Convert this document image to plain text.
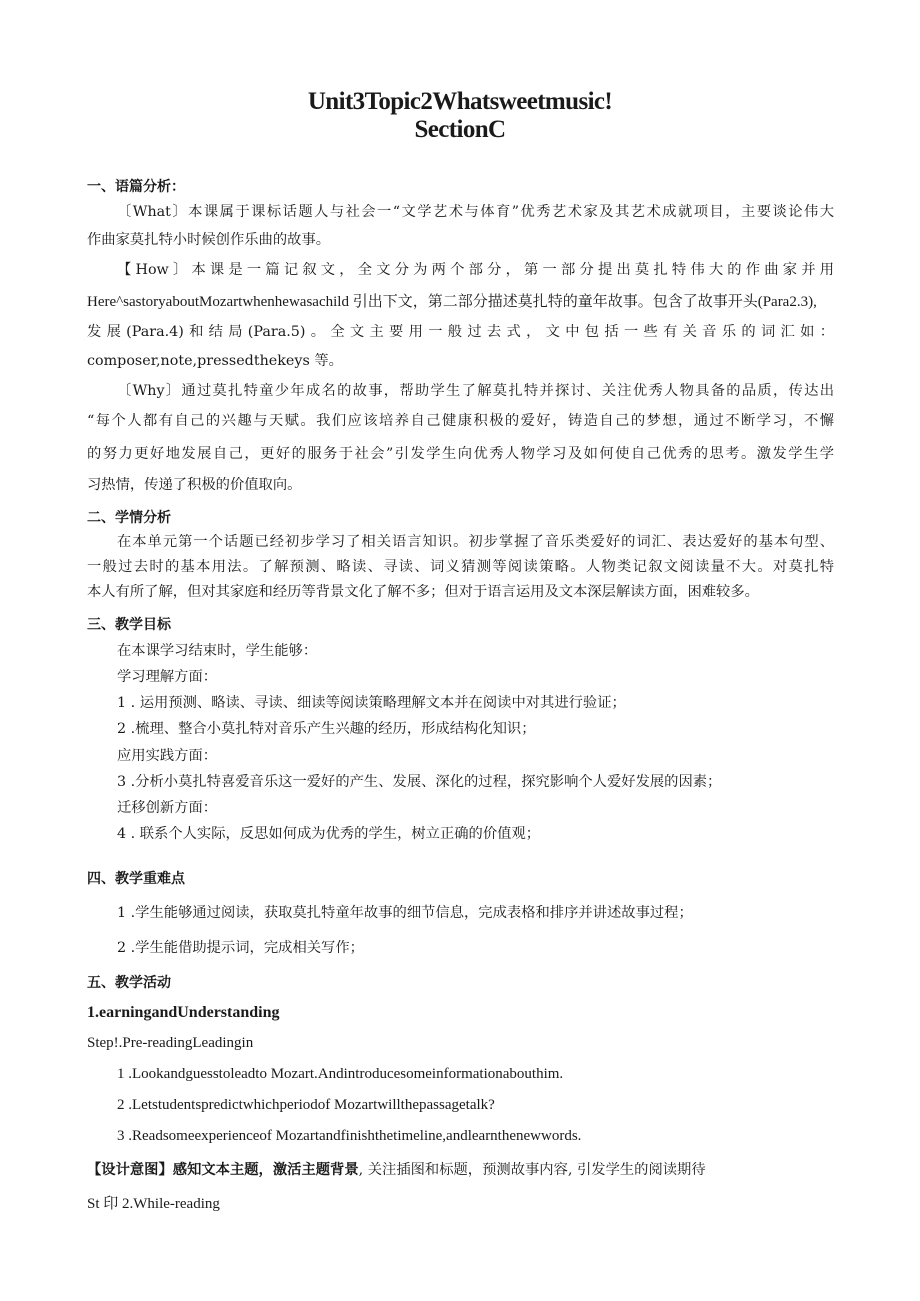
Unit3Topic2Whatsweetmusic!
SectionC
一、语篇分析：
〔What〕本课属于课标话题人与社会一“文学艺术与体育”优秀艺术家及其艺术成就项目，主要谈论伟大
作曲家莫扎特小时候创作乐曲的故事。
【How〕本课是一篇记叙文，全文分为两个部分，第一部分提出莫扎特伟大的作曲家并用
Here^sastoryaboutMozartwhenhewasachild 引出下文，第二部分描述莫扎特的童年故事。包含了故事开头(Para2.3),
发展(Para.4)和结局(Para.5)。全文主要用一般过去式，文中包括一些有关音乐的词汇如：
composer,note,pressedthekeys 等。
〔Why〕通过莫扎特童少年成名的故事，帮助学生了解莫扎特并探讨、关注优秀人物具备的品质，传达出
“每个人都有自己的兴趣与天赋。我们应该培养自己健康积极的爱好，铸造自己的梦想，通过不断学习，不懈
的努力更好地发展自己，更好的服务于社会”引发学生向优秀人物学习及如何使自己优秀的思考。激发学生学
习热情，传递了积极的价值取向。
二、学情分析
在本单元第一个话题已经初步学习了相关语言知识。初步掌握了音乐类爱好的词汇、表达爱好的基本句型、
一般过去时的基本用法。了解预测、略读、寻读、词义猜测等阅读策略。人物类记叙文阅读量不大。对莫扎特
本人有所了解，但对其家庭和经历等背景文化了解不多；但对于语言运用及文本深层解读方面，困难较多。
三、教学目标
在本课学习结束时，学生能够：
学习理解方面：
1 . 运用预测、略读、寻读、细读等阅读策略理解文本并在阅读中对其进行验证；
2 .梳理、整合小莫扎特对音乐产生兴趣的经历，形成结构化知识；
应用实践方面：
3 .分析小莫扎特喜爱音乐这一爱好的产生、发展、深化的过程，探究影响个人爱好发展的因素；
迁移创新方面：
4 . 联系个人实际，反思如何成为优秀的学生，树立正确的价值观；
四、教学重难点
1 .学生能够通过阅读，获取莫扎特童年故事的细节信息，完成表格和排序并讲述故事过程；
2 .学生能借助提示词，完成相关写作；
五、教学活动
1.earningandUnderstanding
Step!.Pre-readingLeadingin
1 .Lookandguesstoleadto Mozart.Andintroducesomeinformationabouthim.
2 .Letstudentspredictwhichperiodof Mozartwillthepassagetalk?
3 .Readsomeexperienceof Mozartandfinishthetimeline,andlearnthenewwords.
【设计意图】感知文本主题，激活主题背景, 关注插图和标题，预测故事内容, 引发学生的阅读期待
St 印 2.While-reading
